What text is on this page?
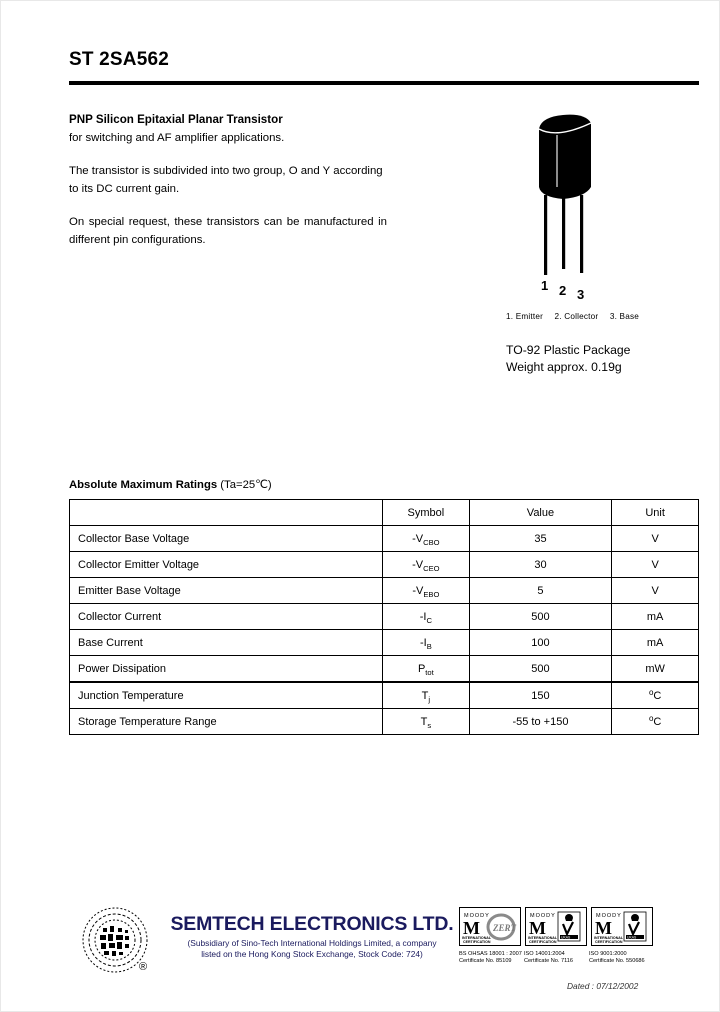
ST 2SA562

PNP Silicon Epitaxial Planar Transistor
for switching and AF amplifier applications.

The transistor is subdivided into two group, O and Y according to its DC current gain.

On special request, these transistors can be manufactured in different pin configurations.

1 2 3
1. Emitter 2. Collector 3. Base
TO-92 Plastic Package
Weight approx. 0.19g
Absolute Maximum Ratings (Ta=25℃)
	Symbol	Value	Unit
Collector Base Voltage	$-V_{CBO}$	35	V
Collector Emitter Voltage	$-V_{CEO}$	30	V
Emitter Base Voltage	$-V_{EBO}$	5	V
Collector Current	$-I_C$	500	mA
Base Current	$-I_B$	100	mA
Power Dissipation	$P_{tot}$	500	mW
Junction Temperature	$T_j$	150	$^o$C
Storage Temperature Range	$T_s$	-55 to +150	$^o$C
®
SEMTECH ELECTRONICS LTD.
(Subsidiary of Sino-Tech International Holdings Limited, a company
listed on the Hong Kong Stock Exchange, Stock Code: 724)
MOODY
M
INTERNATIONAL
CERTIFICATION
ZERT
MOODY
M
INTERNATIONAL
CERTIFICATION
UKAS
MOODY
M
INTERNATIONAL
CERTIFICATION
UKAS
BS OHSAS 18001 : 2007
Certificate No. 85109
ISO 14001:2004
Certificate No. 7116
ISO 9001:2000
Certificate No. 550686
Dated : 07/12/2002
